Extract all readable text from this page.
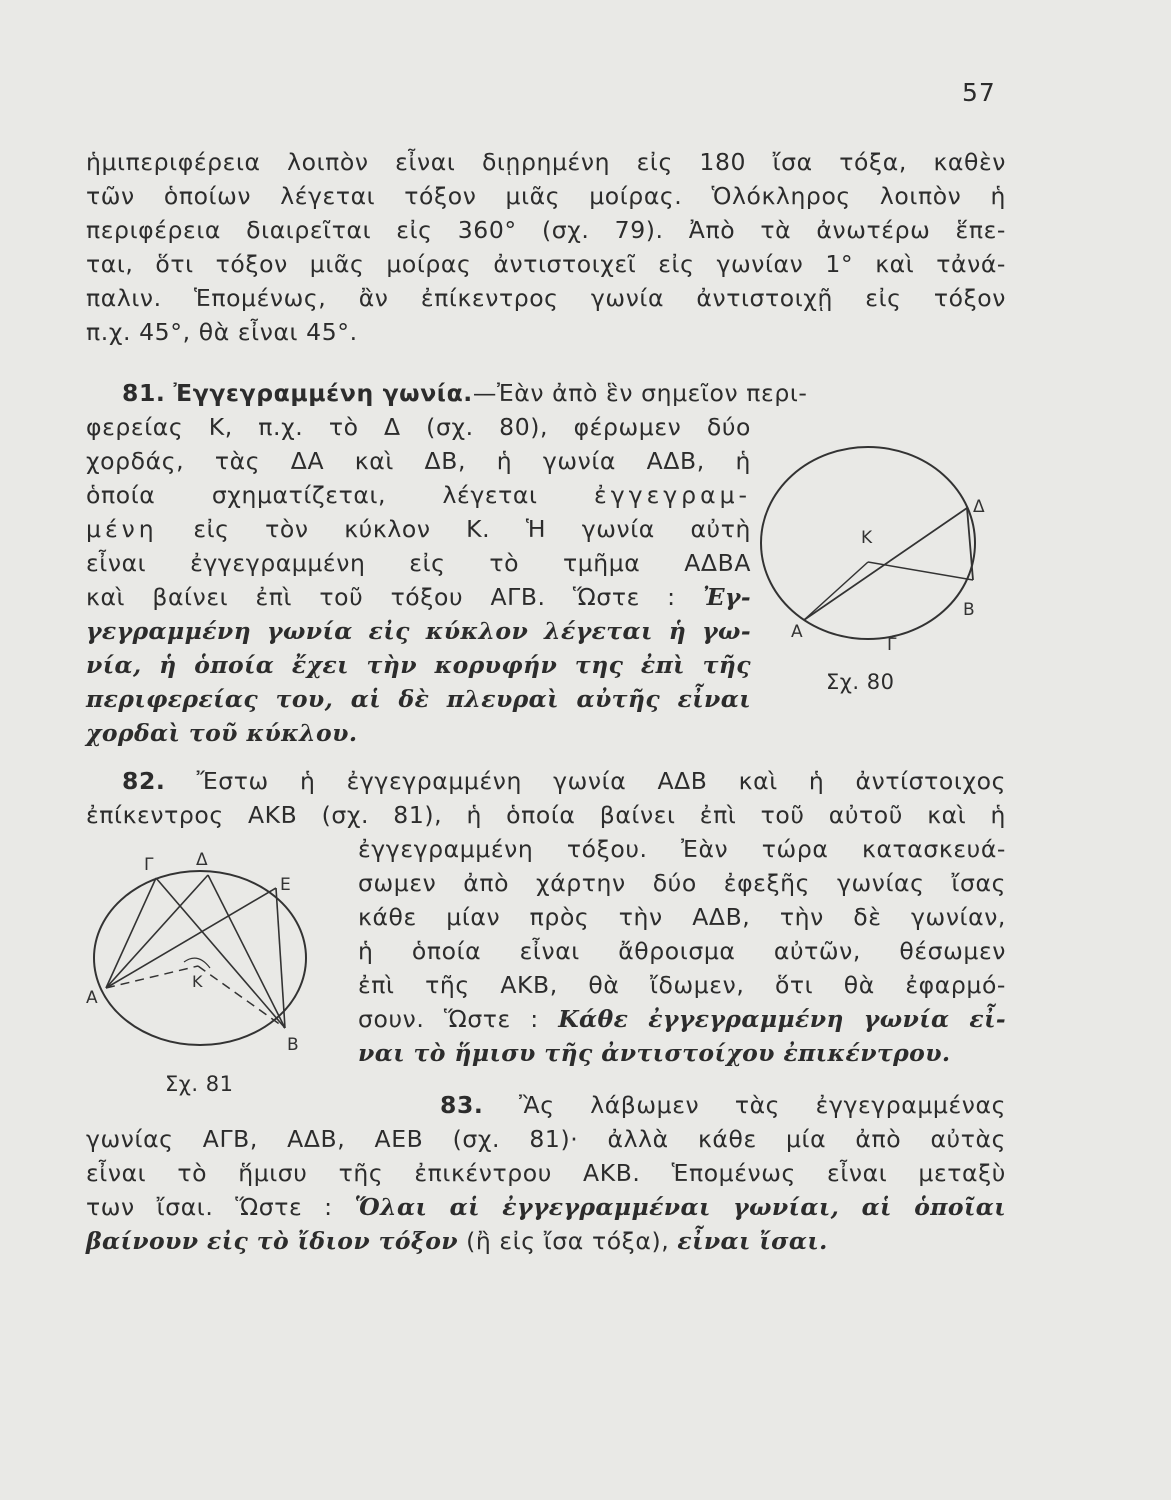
57
ἡμιπεριφέρεια λοιπὸν εἶναι διῃρημένη εἰς 180 ἴσα τόξα, καθὲν
τῶν ὁποίων λέγεται τόξον μιᾶς μοίρας. Ὁλόκληρος λοιπὸν ἡ
περιφέρεια διαιρεῖται εἰς 360° (σχ. 79). Ἀπὸ τὰ ἀνωτέρω ἕπε-
ται, ὅτι τόξον μιᾶς μοίρας ἀντιστοιχεῖ εἰς γωνίαν 1° καὶ τἀνά-
παλιν. Ἑπομένως, ἂν ἐπίκεντρος γωνία ἀντιστοιχῇ εἰς τόξον
π.χ. 45°, θὰ εἶναι 45°.
81. Ἐγγεγραμμένη γωνία.—Ἐὰν ἀπὸ ἓν σημεῖον περι-
φερείας Κ, π.χ. τὸ Δ (σχ. 80), φέρωμεν δύο
χορδάς, τὰς ΔΑ καὶ ΔΒ, ἡ γωνία ΑΔΒ, ἡ
ὁποία σχηματίζεται, λέγεται ἐγγεγραμ-
μένη εἰς τὸν κύκλον Κ. Ἡ γωνία αὐτὴ
εἶναι ἐγγεγραμμένη εἰς τὸ τμῆμα ΑΔΒΑ
καὶ βαίνει ἐπὶ τοῦ τόξου ΑΓΒ. Ὥστε : Ἐγ-
γεγραμμένη γωνία εἰς κύκλον λέγεται ἡ γω-
νία, ἡ ὁποία ἔχει τὴν κορυφήν της ἐπὶ τῆς
περιφερείας του, αἱ δὲ πλευραὶ αὐτῆς εἶναι
χορδαὶ τοῦ κύκλου.
Κ
Δ
Β
Α
Γ
Σχ. 80
82. Ἔστω ἡ ἐγγεγραμμένη γωνία ΑΔΒ καὶ ἡ ἀντίστοιχος
ἐπίκεντρος ΑΚΒ (σχ. 81), ἡ ὁποία βαίνει ἐπὶ τοῦ αὐτοῦ καὶ ἡ
ἐγγεγραμμένη τόξου. Ἐὰν τώρα κατασκευά-
σωμεν ἀπὸ χάρτην δύο ἐφεξῆς γωνίας ἴσας
κάθε μίαν πρὸς τὴν ΑΔΒ, τὴν δὲ γωνίαν,
ἡ ὁποία εἶναι ἄθροισμα αὐτῶν, θέσωμεν
ἐπὶ τῆς ΑΚΒ, θὰ ἴδωμεν, ὅτι θὰ ἐφαρμό-
σουν. Ὥστε : Κάθε ἐγγεγραμμένη γωνία εἶ-
ναι τὸ ἥμισυ τῆς ἀντιστοίχου ἐπικέντρου.
Γ	Δ
Ε
Κ
Α
Β
Σχ. 81
83. Ἂς λάβωμεν τὰς ἐγγεγραμμένας
γωνίας ΑΓΒ, ΑΔΒ, ΑΕΒ (σχ. 81)· ἀλλὰ κάθε μία ἀπὸ αὐτὰς
εἶναι τὸ ἥμισυ τῆς ἐπικέντρου ΑΚΒ. Ἑπομένως εἶναι μεταξὺ
των ἴσαι. Ὥστε : Ὅλαι αἱ ἐγγεγραμμέναι γωνίαι, αἱ ὁποῖαι
βαίνουν εἰς τὸ ἴδιον τόξον (ἢ εἰς ἴσα τόξα), εἶναι ἴσαι.
